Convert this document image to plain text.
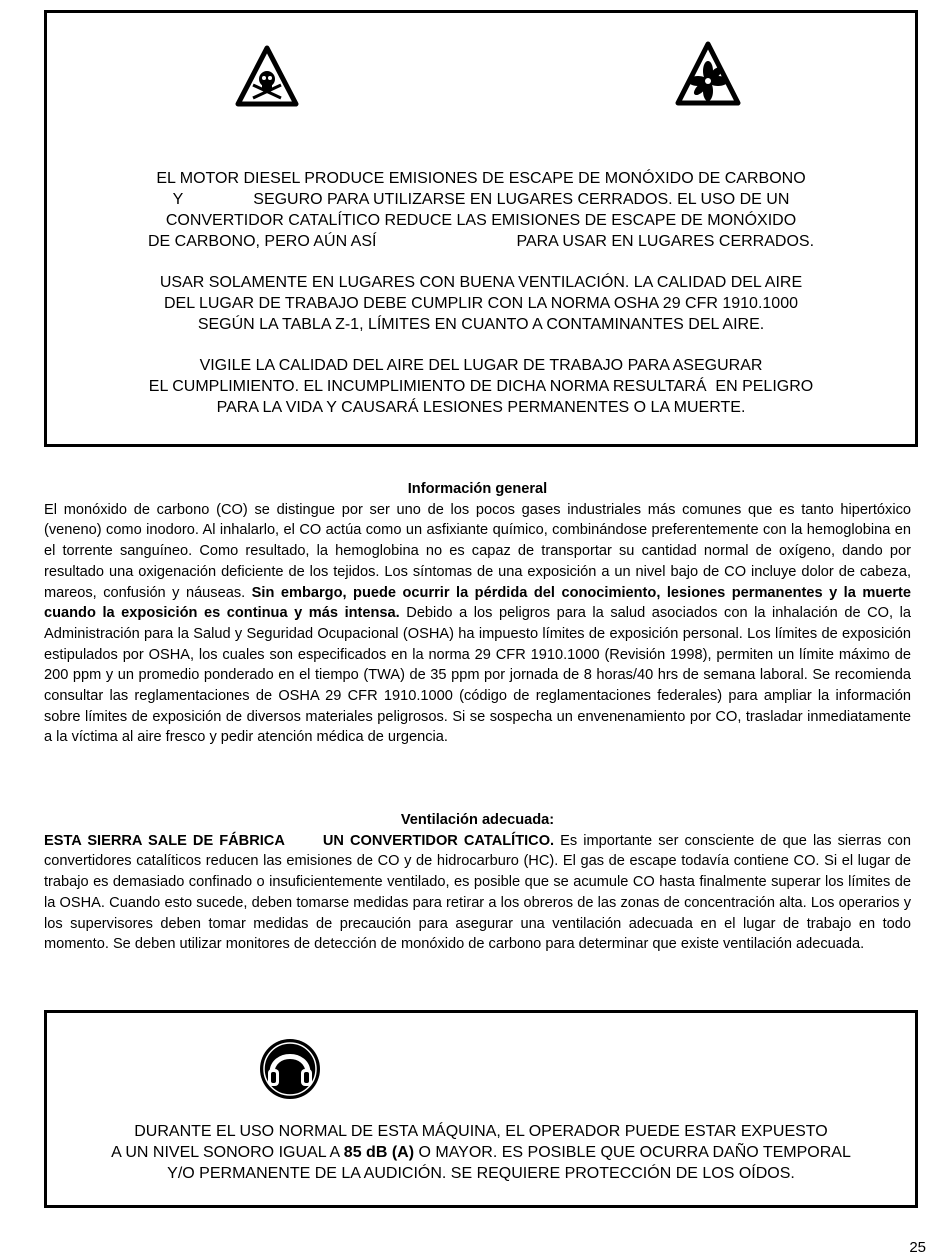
EL MOTOR DIESEL PRODUCE EMISIONES DE ESCAPE DE MONÓXIDO DE CARBONO
Y	SEGURO PARA UTILIZARSE EN LUGARES CERRADOS. EL USO DE UN
CONVERTIDOR CATALÍTICO REDUCE LAS EMISIONES DE ESCAPE DE MONÓXIDO
DE CARBONO, PERO AÚN ASÍ	PARA USAR EN LUGARES CERRADOS.

USAR SOLAMENTE EN LUGARES CON BUENA VENTILACIÓN. LA CALIDAD DEL AIRE
DEL LUGAR DE TRABAJO DEBE CUMPLIR CON LA NORMA OSHA 29 CFR 1910.1000
SEGÚN LA TABLA Z-1, LÍMITES EN CUANTO A CONTAMINANTES DEL AIRE.

VIGILE LA CALIDAD DEL AIRE DEL LUGAR DE TRABAJO PARA ASEGURAR
EL CUMPLIMIENTO. EL INCUMPLIMIENTO DE DICHA NORMA RESULTARÁ  EN PELIGRO
PARA LA VIDA Y CAUSARÁ LESIONES PERMANENTES O LA MUERTE.

Información general
El monóxido de carbono (CO) se distingue por ser uno de los pocos gases industriales más comunes que es tanto hipertóxico (veneno) como inodoro. Al inhalarlo, el CO actúa como un asfixiante químico, combinándose preferentemente con la hemoglobina en el torrente sanguíneo. Como resultado, la hemoglobina no es capaz de transportar su cantidad normal de oxígeno, dando por resultado una oxigenación deficiente de los tejidos. Los síntomas de una exposición a un nivel bajo de CO incluye dolor de cabeza, mareos, confusión y náuseas. Sin embargo, puede ocurrir la pérdida del conocimiento, lesiones permanentes y la muerte cuando la exposición es continua y más intensa. Debido a los peligros para la salud asociados con la inhalación de CO, la Administración para la Salud y Seguridad Ocupacional (OSHA) ha impuesto límites de exposición personal. Los límites de exposición estipulados por OSHA, los cuales son especificados en la norma 29 CFR 1910.1000 (Revisión 1998), permiten un límite máximo de 200 ppm y un promedio ponderado en el tiempo (TWA) de 35 ppm por jornada de 8 horas/40 hrs de semana laboral. Se recomienda consultar las reglamentaciones de OSHA 29 CFR 1910.1000 (código de reglamentaciones federales) para ampliar la información sobre límites de exposición de diversos materiales peligrosos. Si se sospecha un envenenamiento por CO, trasladar inmediatamente a la víctima al aire fresco y pedir atención médica de urgencia.
Ventilación adecuada:
ESTA SIERRA SALE DE FÁBRICA	UN CONVERTIDOR CATALÍTICO. Es importante ser consciente de que las sierras con convertidores catalíticos reducen las emisiones de CO y de hidrocarburo (HC). El gas de escape todavía contiene CO. Si el lugar de trabajo es demasiado confinado o insuficientemente ventilado, es posible que se acumule CO hasta finalmente superar los límites de la OSHA. Cuando esto sucede, deben tomarse medidas para retirar a los obreros de las zonas de concentración alta. Los operarios y los supervisores deben tomar medidas de precaución para asegurar una ventilación adecuada en el lugar de trabajo en todo momento. Se deben utilizar monitores de detección de monóxido de carbono para determinar que existe ventilación adecuada.
DURANTE EL USO NORMAL DE ESTA MÁQUINA, EL OPERADOR PUEDE ESTAR EXPUESTO
A UN NIVEL SONORO IGUAL A 85 dB (A) O MAYOR. ES POSIBLE QUE OCURRA DAÑO TEMPORAL
Y/O PERMANENTE DE LA AUDICIÓN. SE REQUIERE PROTECCIÓN DE LOS OÍDOS.
25
